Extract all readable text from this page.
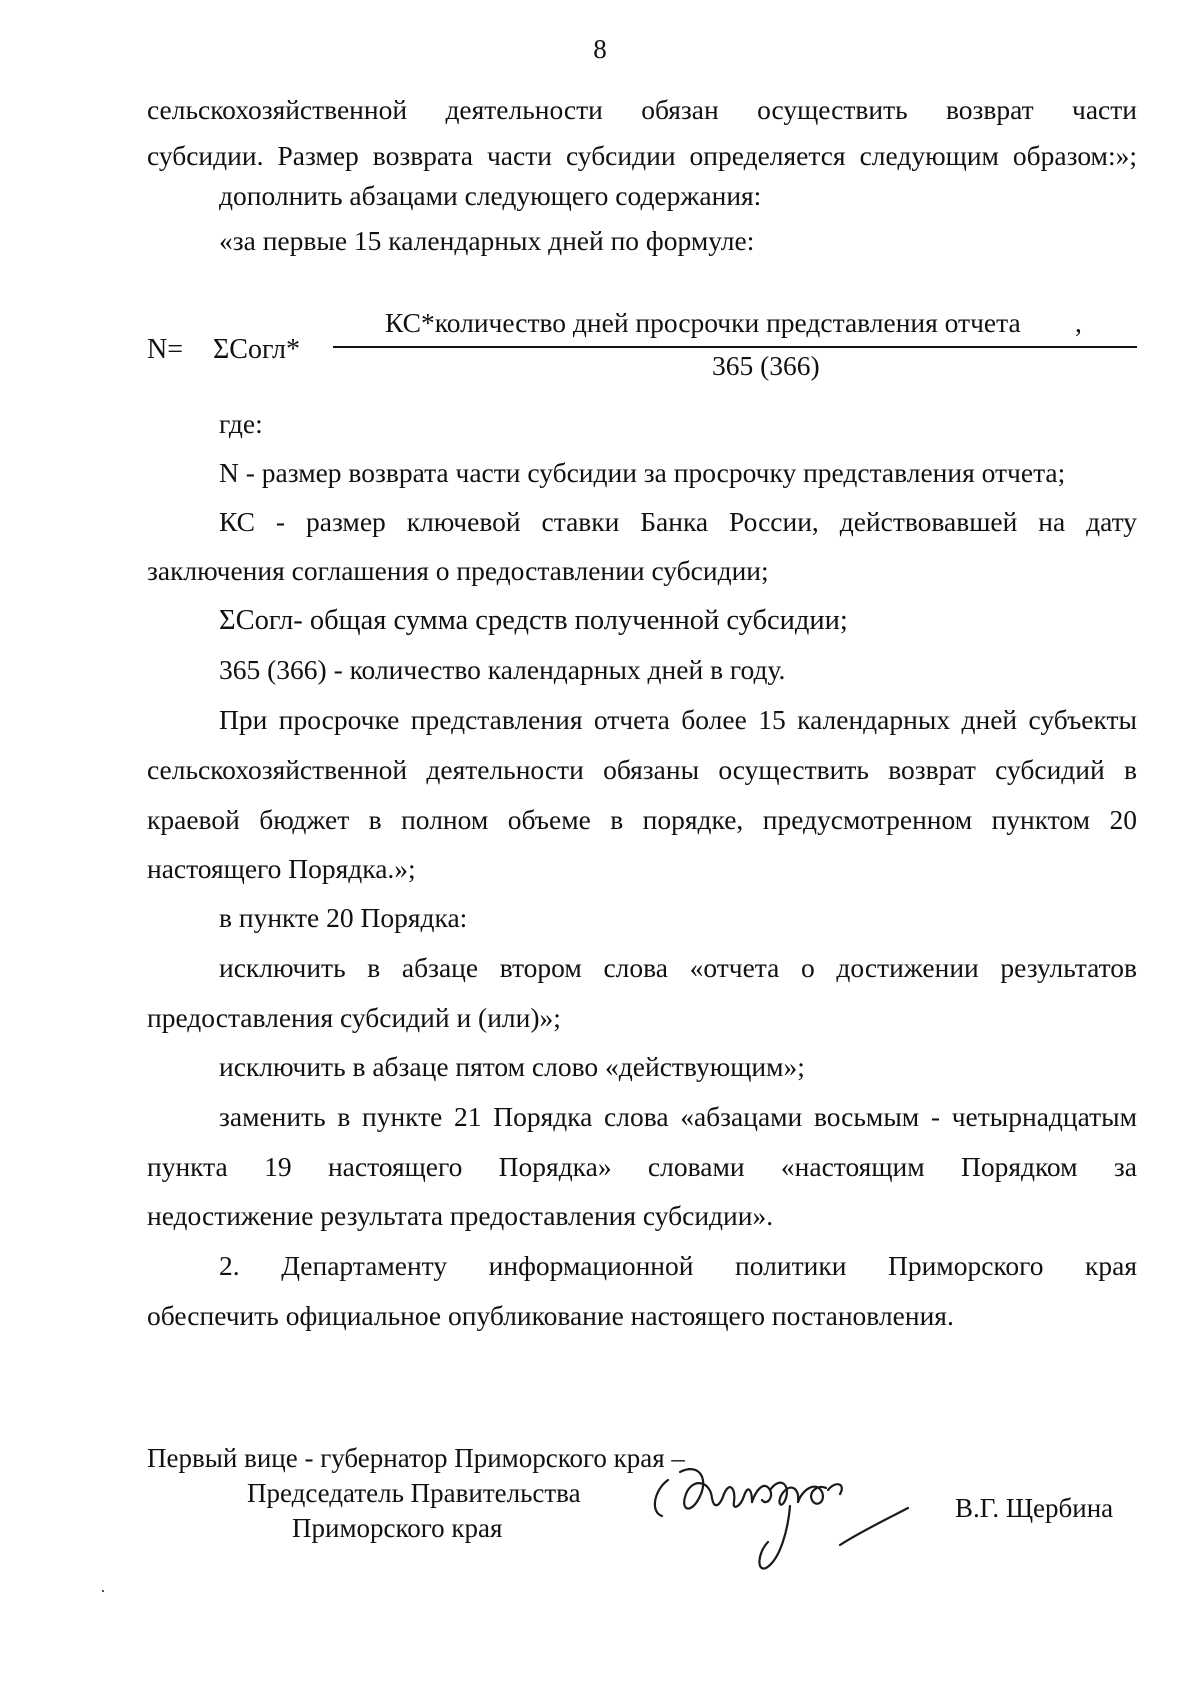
8
сельскохозяйственной деятельности обязан осуществить возврат части
субсидии. Размер возврата части субсидии определяется следующим образом:»;
дополнить абзацами следующего содержания:
«за первые 15 календарных дней по формуле:
N= ΣСогл*
КС*количество дней просрочки представления отчета ,
365 (366)
где:
N - размер возврата части субсидии за просрочку представления отчета;
КС - размер ключевой ставки Банка России, действовавшей на дату
заключения соглашения о предоставлении субсидии;
ΣСогл- общая сумма средств полученной субсидии;
365 (366) - количество календарных дней в году.
При просрочке представления отчета более 15 календарных дней субъекты
сельскохозяйственной деятельности обязаны осуществить возврат субсидий в
краевой бюджет в полном объеме в порядке, предусмотренном пунктом 20
настоящего Порядка.»;
в пункте 20 Порядка:
исключить в абзаце втором слова «отчета о достижении результатов
предоставления субсидий и (или)»;
исключить в абзаце пятом слово «действующим»;
заменить в пункте 21 Порядка слова «абзацами восьмым - четырнадцатым
пункта 19 настоящего Порядка» словами «настоящим Порядком за
недостижение результата предоставления субсидии».
2. Департаменту информационной политики Приморского края
обеспечить официальное опубликование настоящего постановления.
Первый вице - губернатор Приморского края –
Председатель Правительства
Приморского края
В.Г. Щербина
